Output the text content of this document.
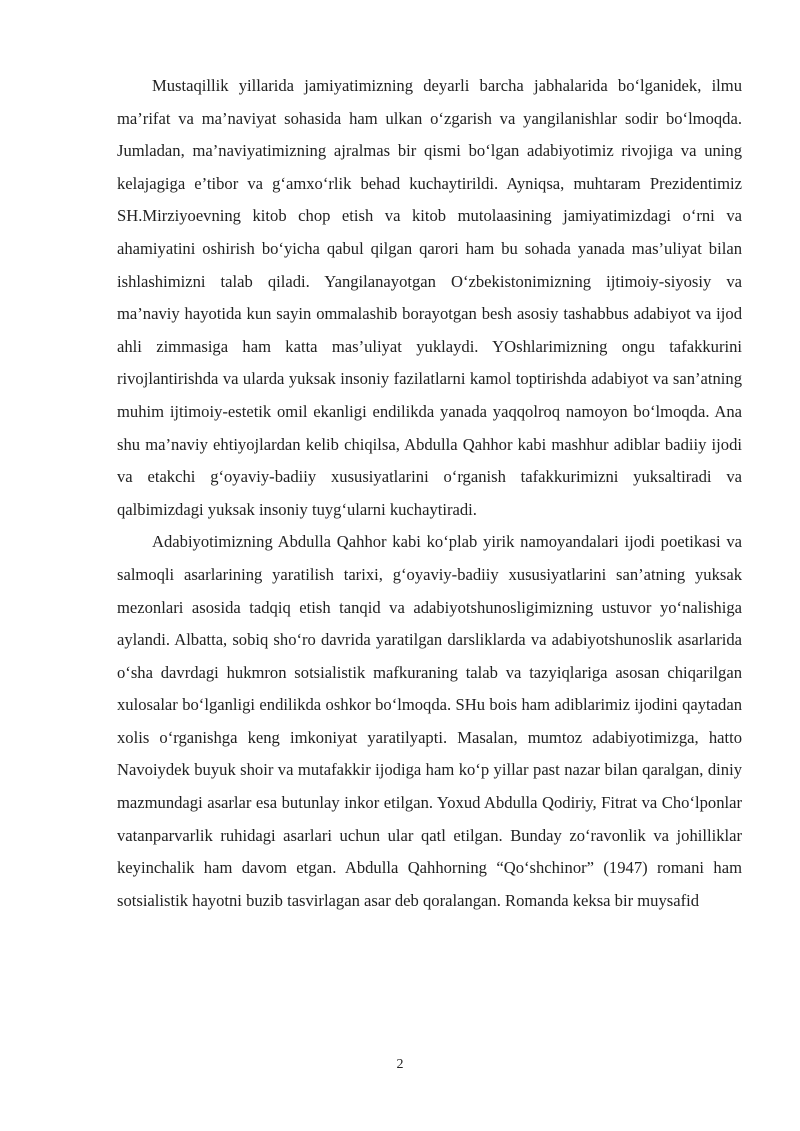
Mustaqillik yillarida jamiyatimizning deyarli barcha jabhalarida bo‘lganidek, ilmu ma’rifat va ma’naviyat sohasida ham ulkan o‘zgarish va yangilanishlar sodir bo‘lmoqda. Jumladan, ma’naviyatimizning ajralmas bir qismi bo‘lgan adabiyotimiz rivojiga va uning kelajagiga e’tibor va g‘amxo‘rlik behad kuchaytirildi. Ayniqsa, muhtaram Prezidentimiz SH.Mirziyoevning kitob chop etish va kitob mutolaasining jamiyatimizdagi o‘rni va ahamiyatini oshirish bo‘yicha qabul qilgan qarori ham bu sohada yanada mas’uliyat bilan ishlashimizni talab qiladi. Yangilanayotgan O‘zbekistonimizning ijtimoiy-siyosiy va ma’naviy hayotida kun sayin ommalashib borayotgan besh asosiy tashabbus adabiyot va ijod ahli zimmasiga ham katta mas’uliyat yuklaydi. YOshlarimizning ongu tafakkurini rivojlantirishda va ularda yuksak insoniy fazilatlarni kamol toptirishda adabiyot va san’atning muhim ijtimoiy-estetik omil ekanligi endilikda yanada yaqqolroq namoyon bo‘lmoqda. Ana shu ma’naviy ehtiyojlardan kelib chiqilsa, Abdulla Qahhor kabi mashhur adiblar badiiy ijodi va etakchi g‘oyaviy-badiiy xususiyatlarini o‘rganish tafakkurimizni yuksaltiradi va qalbimizdagi yuksak insoniy tuyg‘ularni kuchaytiradi.

Adabiyotimizning Abdulla Qahhor kabi ko‘plab yirik namoyandalari ijodi poetikasi va salmoqli asarlarining yaratilish tarixi, g‘oyaviy-badiiy xususiyatlarini san’atning yuksak mezonlari asosida tadqiq etish tanqid va adabiyotshunosligimizning ustuvor yo‘nalishiga aylandi. Albatta, sobiq sho‘ro davrida yaratilgan darsliklarda va adabiyotshunoslik asarlarida o‘sha davrdagi hukmron sotsialistik mafkuraning talab va tazyiqlariga asosan chiqarilgan xulosalar bo‘lganligi endilikda oshkor bo‘lmoqda. SHu bois ham adiblarimiz ijodini qaytadan xolis o‘rganishga keng imkoniyat yaratilyapti. Masalan, mumtoz adabiyotimizga, hatto Navoiydek buyuk shoir va mutafakkir ijodiga ham ko‘p yillar past nazar bilan qaralgan, diniy mazmundagi asarlar esa butunlay inkor etilgan. Yoxud Abdulla Qodiriy, Fitrat va Cho‘lponlar vatanparvarlik ruhidagi asarlari uchun ular qatl etilgan. Bunday zo‘ravonlik va johilliklar keyinchalik ham davom etgan. Abdulla Qahhorning “Qo‘shchinor” (1947) romani ham sotsialistik hayotni buzib tasvirlagan asar deb qoralangan. Romanda keksa bir muysafid

2
